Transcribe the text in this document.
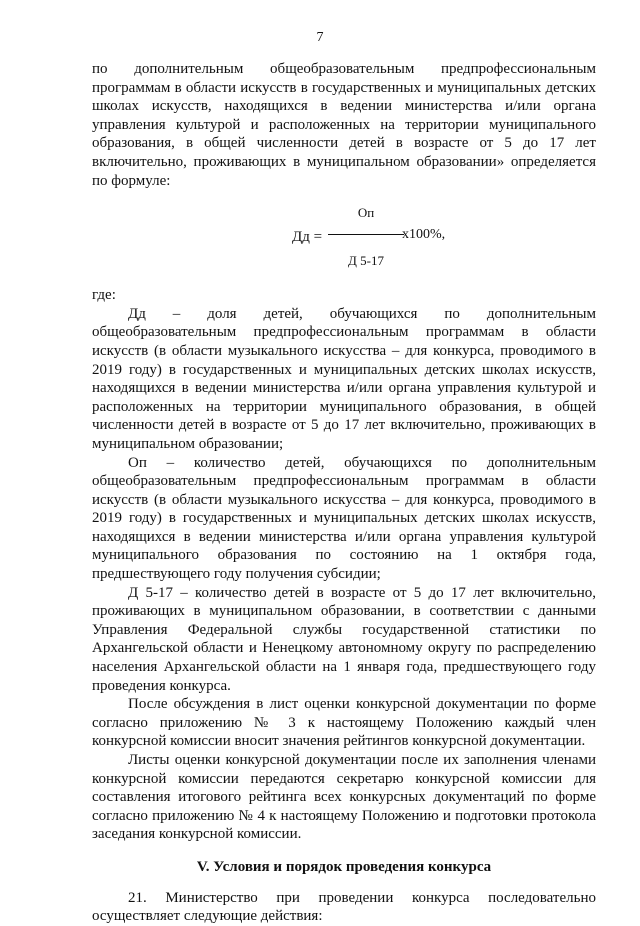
7

по дополнительным общеобразовательным предпрофессиональным программам в области искусств в государственных и муниципальных детских школах искусств, находящихся в ведении министерства и/или органа управления культурой и расположенных на территории муниципального образования, в общей численности детей в возрасте от 5 до 17 лет включительно, проживающих в муниципальном образовании» определяется по формуле:

Дд =
Оп
Д 5-17
х100%,

где:

Дд – доля детей, обучающихся по дополнительным общеобразовательным предпрофессиональным программам в области искусств (в области музыкального искусства – для конкурса, проводимого в 2019 году) в государственных и муниципальных детских школах искусств, находящихся в ведении министерства и/или органа управления культурой и расположенных на территории муниципального образования, в общей численности детей в возрасте от 5 до 17 лет включительно, проживающих в муниципальном образовании;

Оп – количество детей, обучающихся по дополнительным общеобразовательным предпрофессиональным программам в области искусств (в области музыкального искусства – для конкурса, проводимого в 2019 году) в государственных и муниципальных детских школах искусств, находящихся в ведении министерства и/или органа управления культурой муниципального образования по состоянию на 1 октября года, предшествующего году получения субсидии;

Д 5-17 – количество детей в возрасте от 5 до 17 лет включительно, проживающих в муниципальном образовании, в соответствии с данными Управления Федеральной службы государственной статистики по Архангельской области и Ненецкому автономному округу по распределению населения Архангельской области на 1 января года, предшествующего году проведения конкурса.

После обсуждения в лист оценки конкурсной документации по форме согласно приложению № 3 к настоящему Положению каждый член конкурсной комиссии вносит значения рейтингов конкурсной документации.

Листы оценки конкурсной документации после их заполнения членами конкурсной комиссии передаются секретарю конкурсной комиссии для составления итогового рейтинга всех конкурсных документаций по форме согласно приложению № 4 к настоящему Положению и подготовки протокола заседания конкурсной комиссии.

V. Условия и порядок проведения конкурса

21. Министерство при проведении конкурса последовательно осуществляет следующие действия:
